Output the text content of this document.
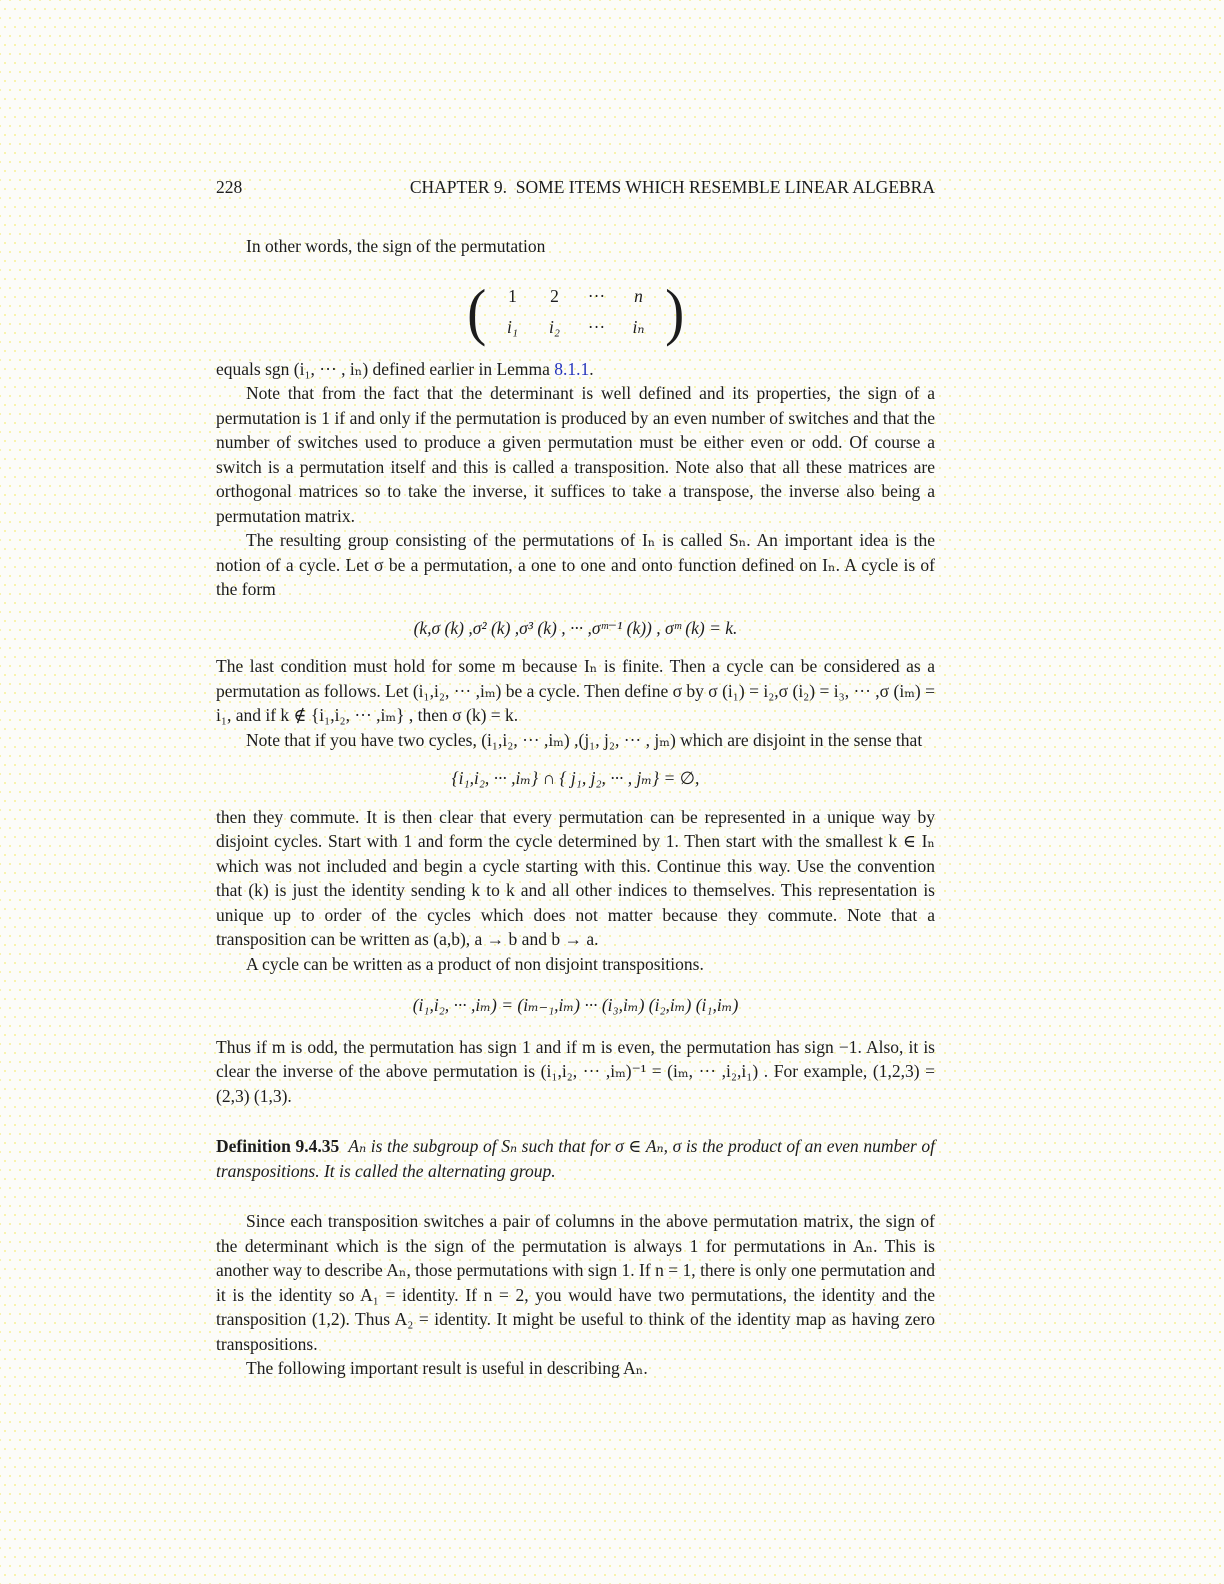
228	CHAPTER 9.  SOME ITEMS WHICH RESEMBLE LINEAR ALGEBRA

In other words, the sign of the permutation

( 1	2	···	n
i₁	i₂	···	iₙ )

equals sgn (i₁, ··· , iₙ) defined earlier in Lemma 8.1.1.

Note that from the fact that the determinant is well defined and its properties, the sign of a permutation is 1 if and only if the permutation is produced by an even number of switches and that the number of switches used to produce a given permutation must be either even or odd. Of course a switch is a permutation itself and this is called a transposition. Note also that all these matrices are orthogonal matrices so to take the inverse, it suffices to take a transpose, the inverse also being a permutation matrix.

The resulting group consisting of the permutations of Iₙ is called Sₙ. An important idea is the notion of a cycle. Let σ be a permutation, a one to one and onto function defined on Iₙ. A cycle is of the form

(k,σ (k) ,σ² (k) ,σ³ (k) , ··· ,σᵐ⁻¹ (k)) , σᵐ (k) = k.

The last condition must hold for some m because Iₙ is finite. Then a cycle can be considered as a permutation as follows. Let (i₁,i₂, ··· ,iₘ) be a cycle. Then define σ by σ (i₁) = i₂,σ (i₂) = i₃, ··· ,σ (iₘ) = i₁, and if k ∉ {i₁,i₂, ··· ,iₘ} , then σ (k) = k.

Note that if you have two cycles, (i₁,i₂, ··· ,iₘ) ,(j₁, j₂, ··· , jₘ) which are disjoint in the sense that

{i₁,i₂, ··· ,iₘ} ∩ { j₁, j₂, ··· , jₘ} = ∅,

then they commute. It is then clear that every permutation can be represented in a unique way by disjoint cycles. Start with 1 and form the cycle determined by 1. Then start with the smallest k ∈ Iₙ which was not included and begin a cycle starting with this. Continue this way. Use the convention that (k) is just the identity sending k to k and all other indices to themselves. This representation is unique up to order of the cycles which does not matter because they commute. Note that a transposition can be written as (a,b), a → b and b → a.

A cycle can be written as a product of non disjoint transpositions.

(i₁,i₂, ··· ,iₘ) = (iₘ₋₁,iₘ) ··· (i₃,iₘ) (i₂,iₘ) (i₁,iₘ)

Thus if m is odd, the permutation has sign 1 and if m is even, the permutation has sign −1. Also, it is clear the inverse of the above permutation is (i₁,i₂, ··· ,iₘ)⁻¹ = (iₘ, ··· ,i₂,i₁) . For example, (1,2,3) = (2,3) (1,3).

Definition 9.4.35 Aₙ is the subgroup of Sₙ such that for σ ∈ Aₙ, σ is the product of an even number of transpositions. It is called the alternating group.

Since each transposition switches a pair of columns in the above permutation matrix, the sign of the determinant which is the sign of the permutation is always 1 for permutations in Aₙ. This is another way to describe Aₙ, those permutations with sign 1. If n = 1, there is only one permutation and it is the identity so A₁ = identity. If n = 2, you would have two permutations, the identity and the transposition (1,2). Thus A₂ = identity. It might be useful to think of the identity map as having zero transpositions.

The following important result is useful in describing Aₙ.
